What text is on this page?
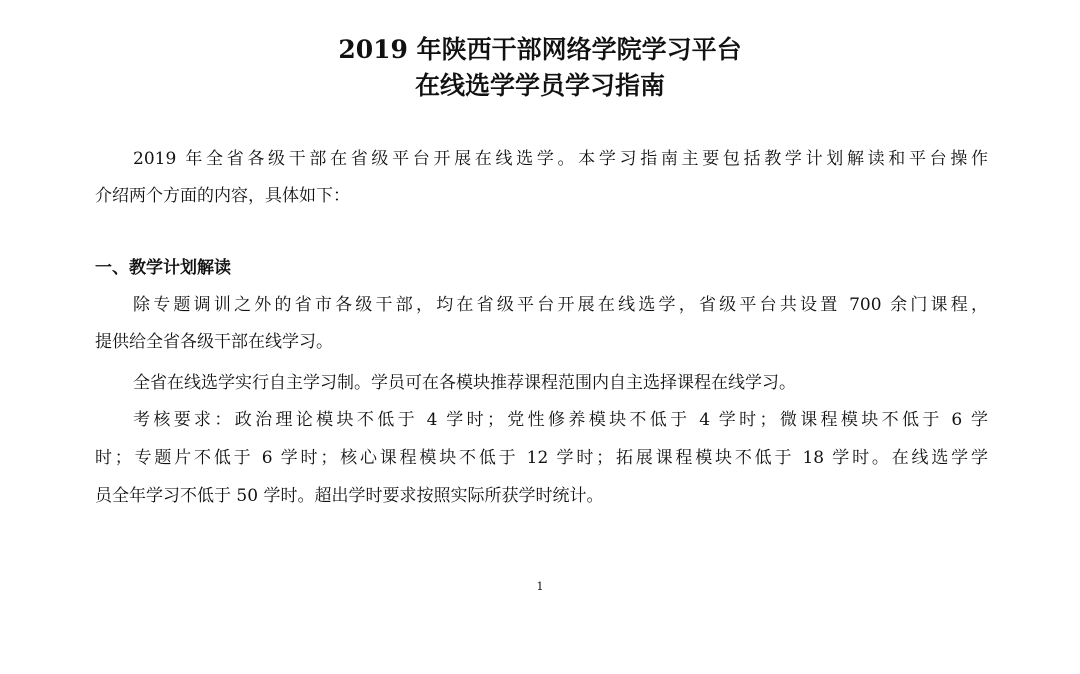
2019 年陕西干部网络学院学习平台
在线选学学员学习指南
2019 年全省各级干部在省级平台开展在线选学。本学习指南主要包括教学计划解读和平台操作
介绍两个方面的内容，具体如下：
一、教学计划解读
除专题调训之外的省市各级干部，均在省级平台开展在线选学，省级平台共设置 700 余门课程，
提供给全省各级干部在线学习。
全省在线选学实行自主学习制。学员可在各模块推荐课程范围内自主选择课程在线学习。
考核要求：政治理论模块不低于 4 学时；党性修养模块不低于 4 学时；微课程模块不低于 6 学
时；专题片不低于 6 学时；核心课程模块不低于 12 学时；拓展课程模块不低于 18 学时。在线选学学
员全年学习不低于 50 学时。超出学时要求按照实际所获学时统计。
1
